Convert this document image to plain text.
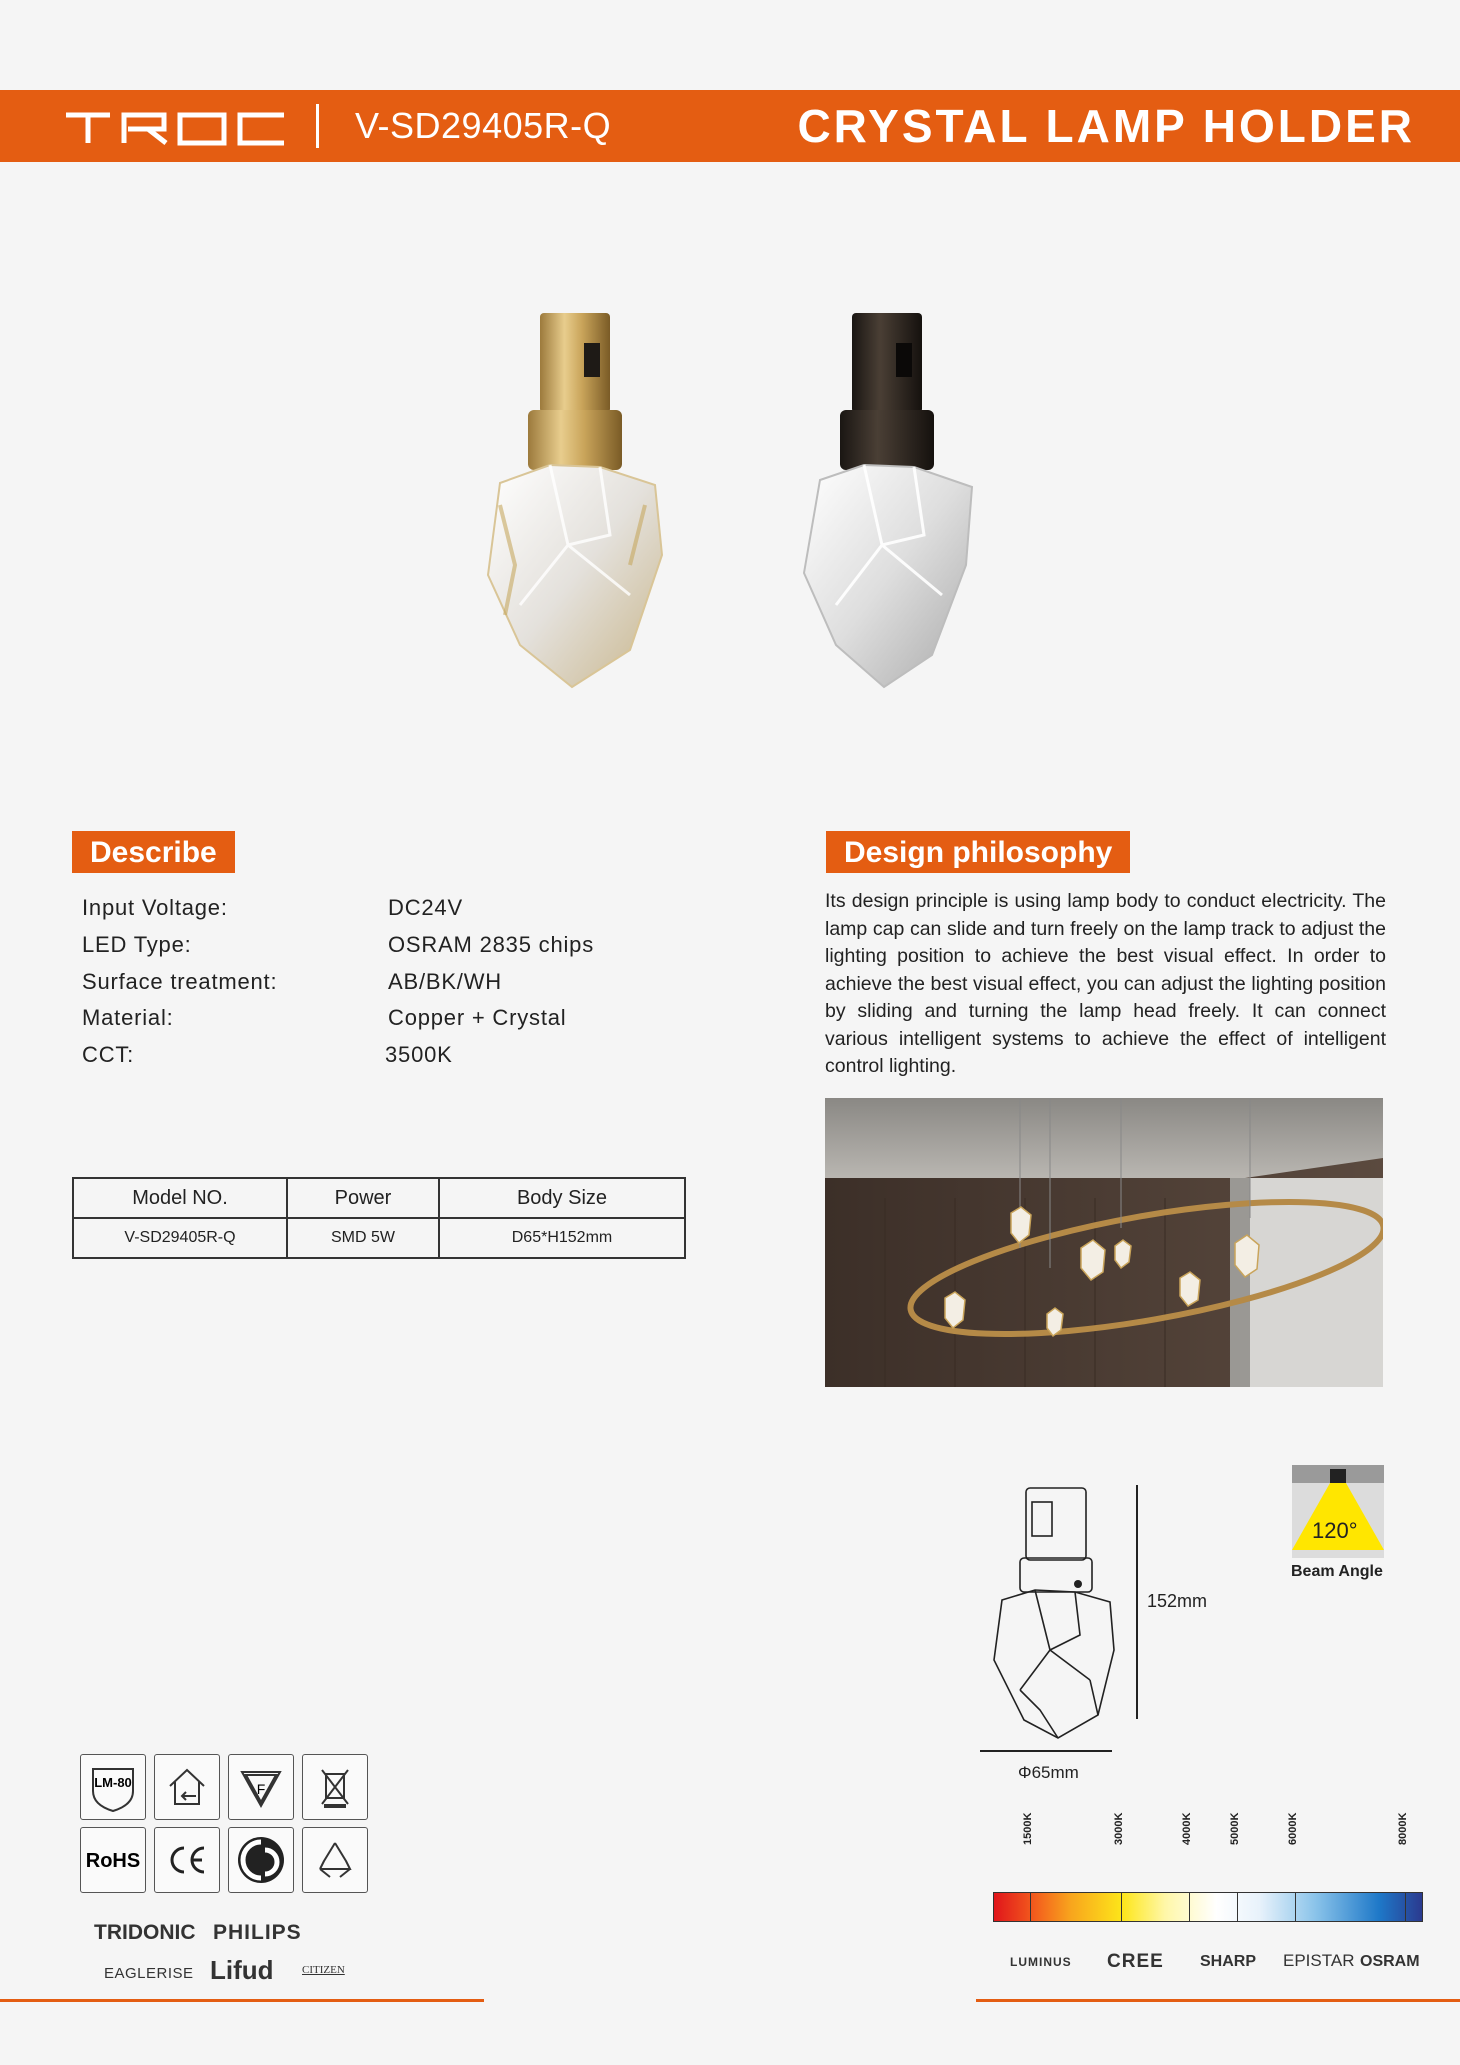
V-SD29405R-Q	CRYSTAL LAMP HOLDER
Describe
Input Voltage:	DC24V
LED Type:	OSRAM 2835 chips
Surface treatment:	AB/BK/WH
Material:	Copper + Crystal
CCT:	3500K
Model NO.	Power	Body Size
V-SD29405R-Q	SMD 5W	D65*H152mm
Design philosophy
Its design principle is using lamp body to conduct electricity. The lamp cap can slide and turn freely on the lamp track to adjust the lighting position to achieve the best visual effect. In order to achieve the best visual effect, you can adjust the lighting position by sliding and turning the lamp head freely. It can connect various intelligent systems to achieve the effect of intelligent control lighting.
152mm
Φ65mm
120°
Beam Angle
1500K	3000K	4000K	5000K	6000K	8000K
LUMINUS CREE SHARP EPISTAR OSRAM
LM-80	F
RoHS
TRIDONIC PHILIPS
EAGLERISE Lifud	CITIZEN
